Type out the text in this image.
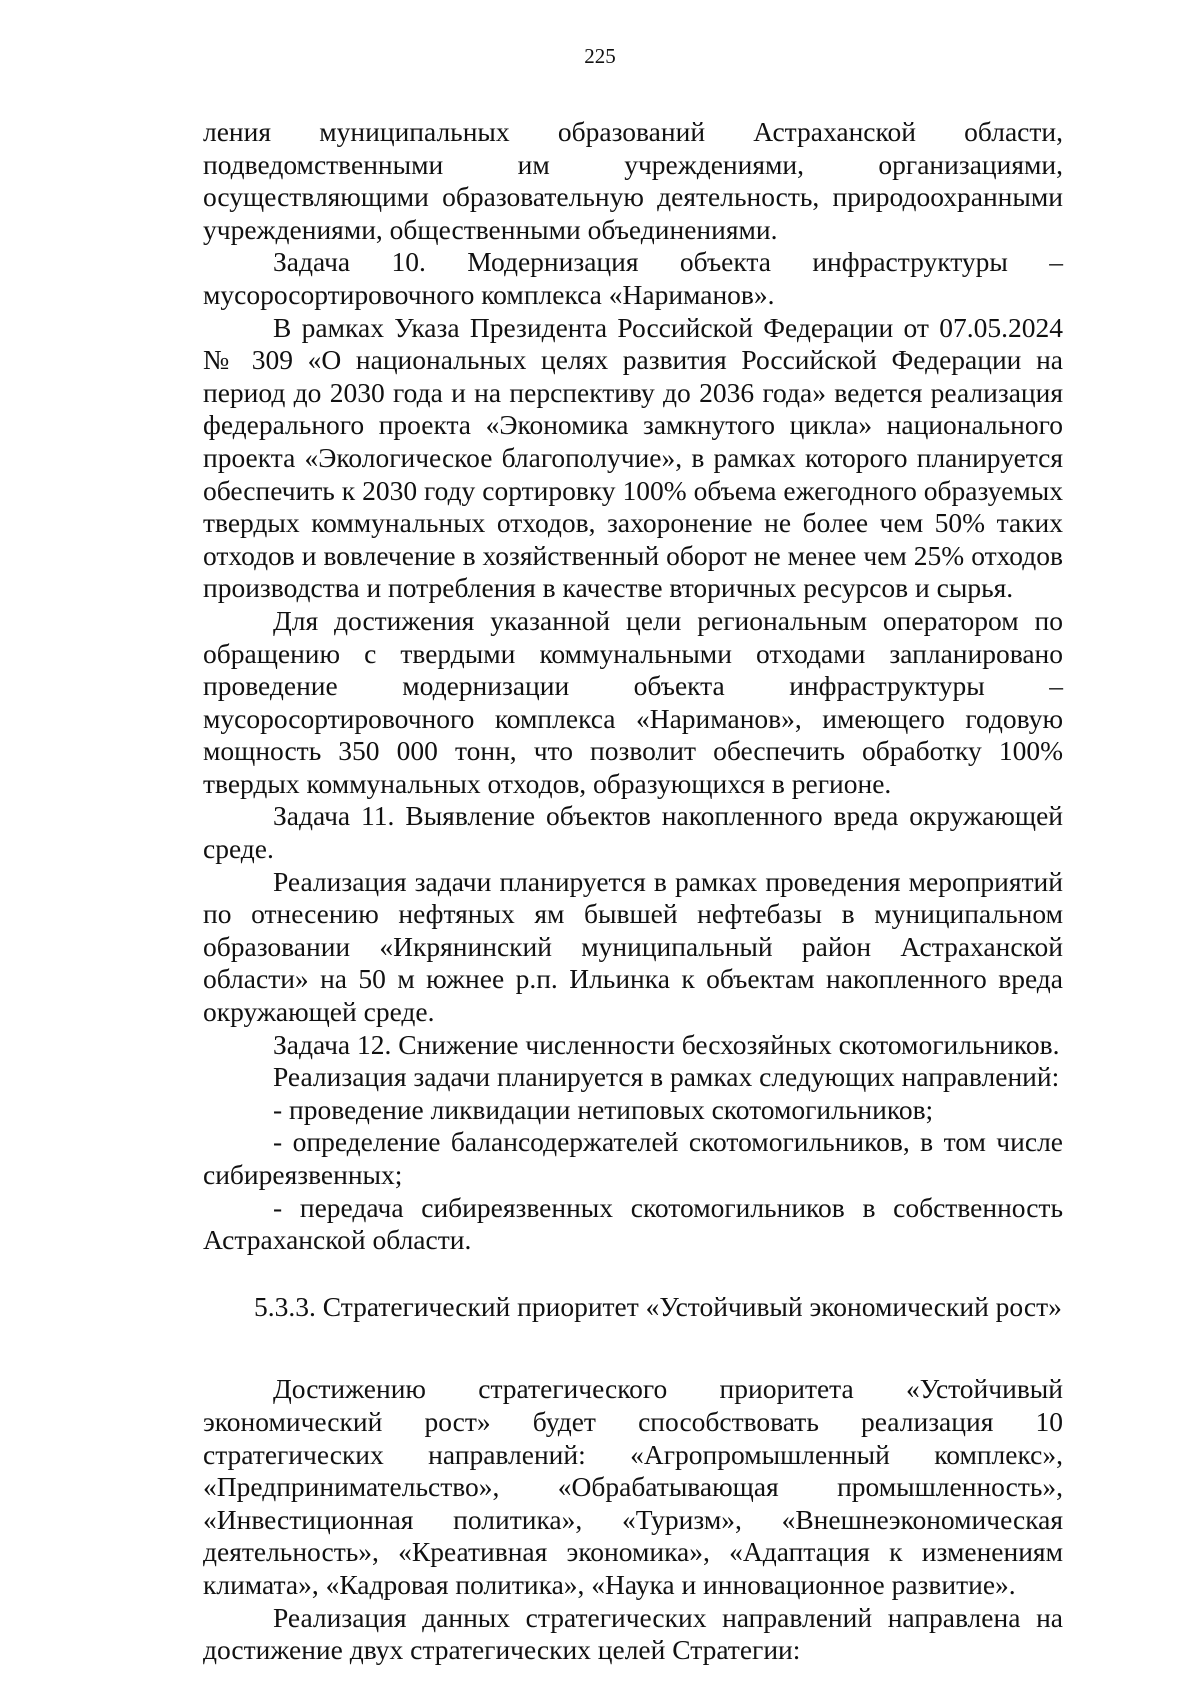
225

ления муниципальных образований Астраханской области, подведомственными им учреждениями, организациями, осуществляющими образовательную деятельность, природоохранными учреждениями, общественными объединениями.

Задача 10. Модернизация объекта инфраструктуры – мусоросортировочного комплекса «Нариманов».

В рамках Указа Президента Российской Федерации от 07.05.2024 № 309 «О национальных целях развития Российской Федерации на период до 2030 года и на перспективу до 2036 года» ведется реализация федерального проекта «Экономика замкнутого цикла» национального проекта «Экологическое благополучие», в рамках которого планируется обеспечить к 2030 году сортировку 100% объема ежегодного образуемых твердых коммунальных отходов, захоронение не более чем 50% таких отходов и вовлечение в хозяйственный оборот не менее чем 25% отходов производства и потребления в качестве вторичных ресурсов и сырья.

Для достижения указанной цели региональным оператором по обращению с твердыми коммунальными отходами запланировано проведение модернизации объекта инфраструктуры – мусоросортировочного комплекса «Нариманов», имеющего годовую мощность 350 000 тонн, что позволит обеспечить обработку 100% твердых коммунальных отходов, образующихся в регионе.

Задача 11. Выявление объектов накопленного вреда окружающей среде.

Реализация задачи планируется в рамках проведения мероприятий по отнесению нефтяных ям бывшей нефтебазы в муниципальном образовании «Икрянинский муниципальный район Астраханской области» на 50 м южнее р.п. Ильинка к объектам накопленного вреда окружающей среде.

Задача 12. Снижение численности бесхозяйных скотомогильников.

Реализация задачи планируется в рамках следующих направлений:

- проведение ликвидации нетиповых скотомогильников;

- определение балансодержателей скотомогильников, в том числе сибиреязвенных;

- передача сибиреязвенных скотомогильников в собственность Астраханской области.

5.3.3. Стратегический приоритет «Устойчивый экономический рост»

Достижению стратегического приоритета «Устойчивый экономический рост» будет способствовать реализация 10 стратегических направлений: «Агропромышленный комплекс», «Предпринимательство», «Обрабатывающая промышленность», «Инвестиционная политика», «Туризм», «Внешнеэкономическая деятельность», «Креативная экономика», «Адаптация к изменениям климата», «Кадровая политика», «Наука и инновационное развитие».

Реализация данных стратегических направлений направлена на достижение двух стратегических целей Стратегии:
